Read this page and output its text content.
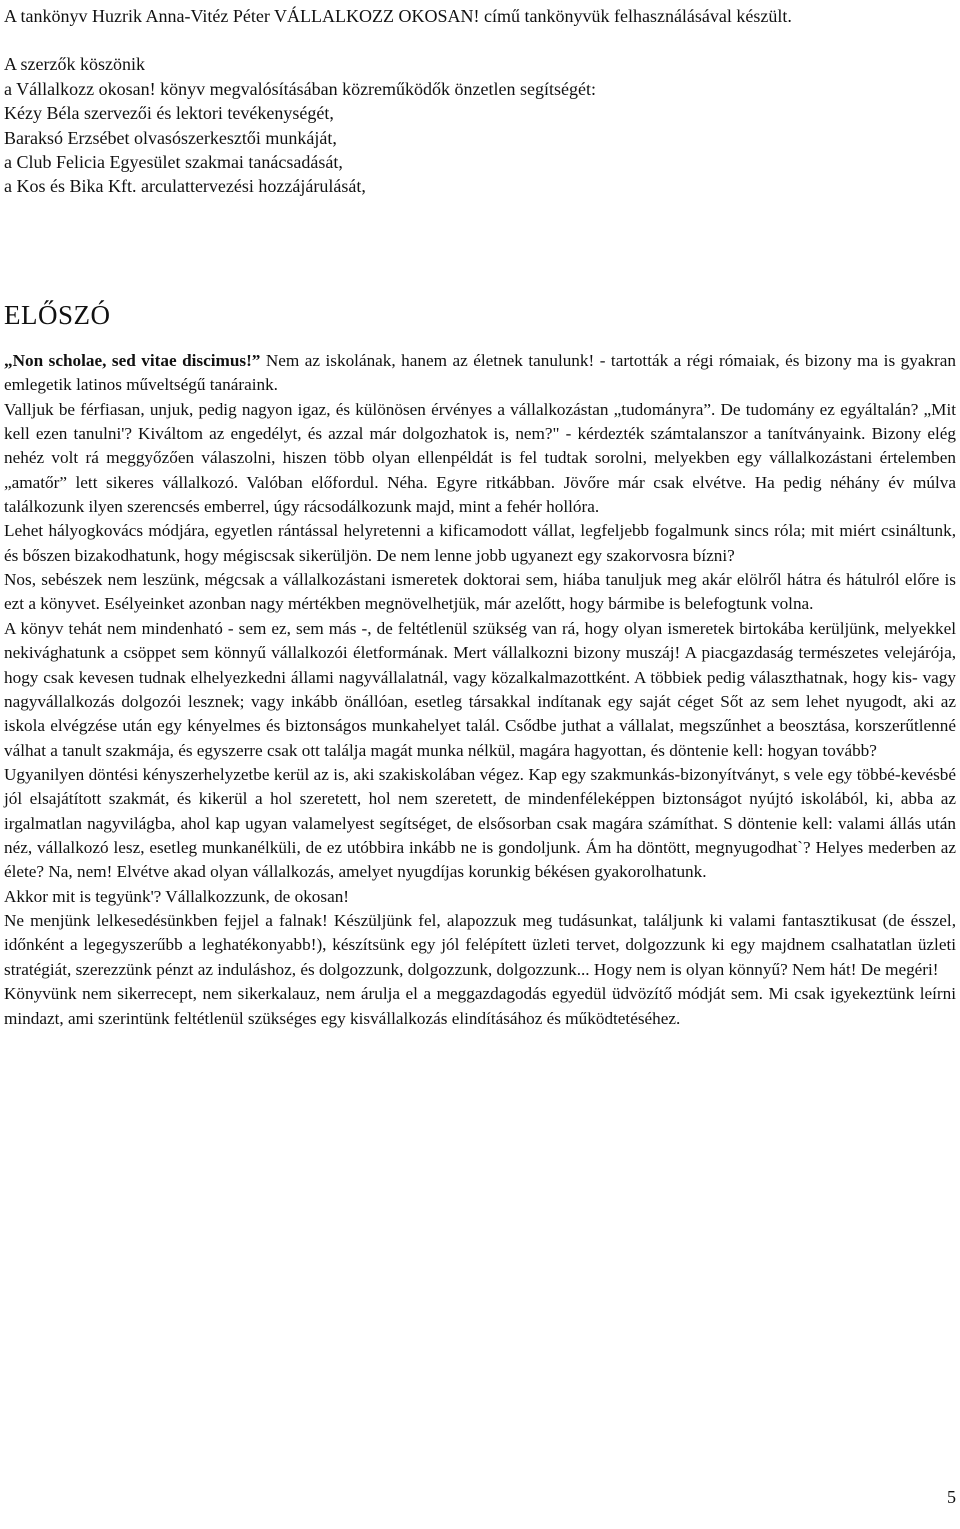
A tankönyv Huzrik Anna-Vitéz Péter VÁLLALKOZZ OKOSAN! című tankönyvük felhasználásával készült.
A szerzők köszönik
a Vállalkozz okosan! könyv megvalósításában közreműködők önzetlen segítségét:
Kézy Béla szervezői és lektori tevékenységét,
Baraksó Erzsébet olvasószerkesztői munkáját,
a Club Felicia Egyesület szakmai tanácsadását,
a Kos és Bika Kft. arculattervezési hozzájárulását,
ELŐSZÓ

„Non scholae, sed vitae discimus!” Nem az iskolának, hanem az életnek tanulunk! - tartották a régi rómaiak, és bizony ma is gyakran emlegetik latinos műveltségű tanáraink.

Valljuk be férfiasan, unjuk, pedig nagyon igaz, és különösen érvényes a vállalkozástan „tudományra”. De tudomány ez egyáltalán? „Mit kell ezen tanulni'? Kiváltom az engedélyt, és azzal már dolgozhatok is, nem?" - kérdezték számtalanszor a tanítványaink. Bizony elég nehéz volt rá meggyőzően válaszolni, hiszen több olyan ellenpéldát is fel tudtak sorolni, melyekben egy vállalkozástani értelemben „amatőr” lett sikeres vállalkozó. Valóban előfordul. Néha. Egyre ritkábban. Jövőre már csak elvétve. Ha pedig néhány év múlva találkozunk ilyen szerencsés emberrel, úgy rácsodálkozunk majd, mint a fehér hollóra.

Lehet hályogkovács módjára, egyetlen rántással helyretenni a kificamodott vállat, legfeljebb fogalmunk sincs róla; mit miért csináltunk, és bőszen bizakodhatunk, hogy mégiscsak sikerüljön. De nem lenne jobb ugyanezt egy szakorvosra bízni?

Nos, sebészek nem leszünk, mégcsak a vállalkozástani ismeretek doktorai sem, hiába tanuljuk meg akár elölről hátra és hátulról előre is ezt a könyvet. Esélyeinket azonban nagy mértékben megnövelhetjük, már azelőtt, hogy bármibe is belefogtunk volna.

A könyv tehát nem mindenható - sem ez, sem más -, de feltétlenül szükség van rá, hogy olyan ismeretek birtokába kerüljünk, melyekkel nekivághatunk a csöppet sem könnyű vállalkozói életformának. Mert vállalkozni bizony muszáj! A piacgazdaság természetes velejárója, hogy csak kevesen tudnak elhelyezkedni állami nagyvállalatnál, vagy közalkalmazottként. A többiek pedig választhatnak, hogy kis- vagy nagyvállalkozás dolgozói lesznek; vagy inkább önállóan, esetleg társakkal indítanak egy saját céget Sőt az sem lehet nyugodt, aki az iskola elvégzése után egy kényelmes és biztonságos munkahelyet talál. Csődbe juthat a vállalat, megszűnhet a beosztása, korszerűtlenné válhat a tanult szakmája, és egyszerre csak ott találja magát munka nélkül, magára hagyottan, és döntenie kell: hogyan tovább?

Ugyanilyen döntési kényszerhelyzetbe kerül az is, aki szakiskolában végez. Kap egy szakmunkás-bizonyítványt, s vele egy többé-kevésbé jól elsajátított szakmát, és kikerül a hol szeretett, hol nem szeretett, de mindenféleképpen biztonságot nyújtó iskolából, ki, abba az irgalmatlan nagyvilágba, ahol kap ugyan valamelyest segítséget, de elsősorban csak magára számíthat. S döntenie kell: valami állás után néz, vállalkozó lesz, esetleg munkanélküli, de ez utóbbira inkább ne is gondoljunk. Ám ha döntött, megnyugodhat`? Helyes mederben az élete? Na, nem! Elvétve akad olyan vállalkozás, amelyet nyugdíjas korunkig békésen gyakorolhatunk.

Akkor mit is tegyünk'? Vállalkozzunk, de okosan!

Ne menjünk lelkesedésünkben fejjel a falnak! Készüljünk fel, alapozzuk meg tudásunkat, találjunk ki valami fantasztikusat (de ésszel, időnként a legegyszerűbb a leghatékonyabb!), készítsünk egy jól felépített üzleti tervet, dolgozzunk ki egy majdnem csalhatatlan üzleti stratégiát, szerezzünk pénzt az induláshoz, és dolgozzunk, dolgozzunk, dolgozzunk... Hogy nem is olyan könnyű? Nem hát! De megéri!

Könyvünk nem sikerrecept, nem sikerkalauz, nem árulja el a meggazdagodás egyedül üdvözítő módját sem. Mi csak igyekeztünk leírni mindazt, ami szerintünk feltétlenül szükséges egy kisvállalkozás elindításához és működtetéséhez.

5
